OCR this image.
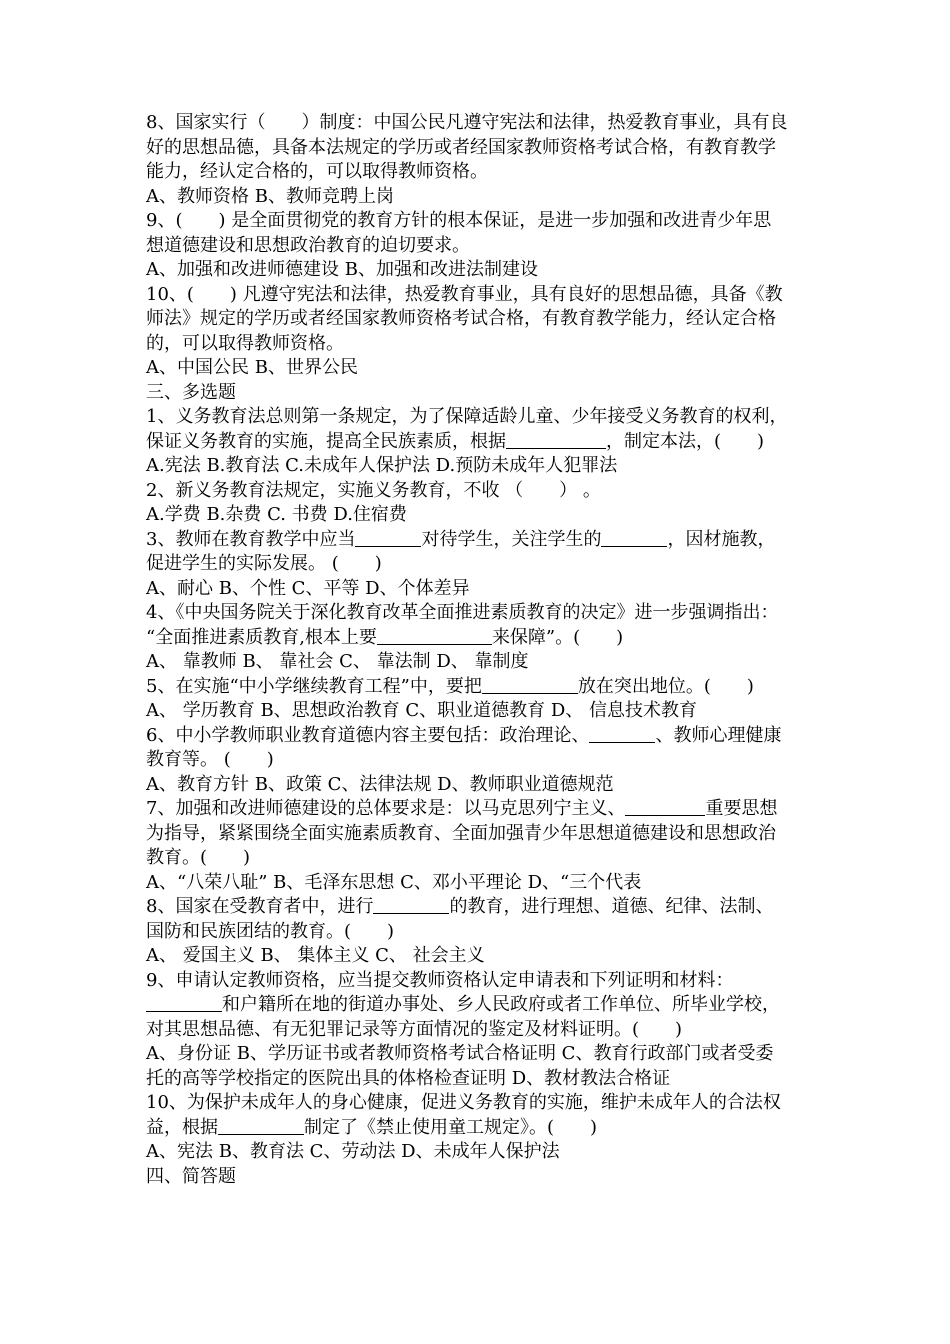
8、国家实行（　　）制度：中国公民凡遵守宪法和法律，热爱教育事业，具有良
好的思想品德，具备本法规定的学历或者经国家教师资格考试合格，有教育教学
能力，经认定合格的，可以取得教师资格。
A、教师资格 B、教师竞聘上岗
9、(　　) 是全面贯彻党的教育方针的根本保证，是进一步加强和改进青少年思
想道德建设和思想政治教育的迫切要求。
A、加强和改进师德建设 B、加强和改进法制建设
10、(　　) 凡遵守宪法和法律，热爱教育事业，具有良好的思想品德，具备《教
师法》规定的学历或者经国家教师资格考试合格，有教育教学能力，经认定合格
的，可以取得教师资格。
A、中国公民 B、世界公民
三、多选题
1、义务教育法总则第一条规定，为了保障适龄儿童、少年接受义务教育的权利，
保证义务教育的实施，提高全民族素质，根据	，制定本法，(　　)
A.宪法 B.教育法 C.未成年人保护法 D.预防未成年人犯罪法
2、新义务教育法规定，实施义务教育，不收 （　　） 。
A.学费 B.杂费 C. 书费 D.住宿费
3、教师在教育教学中应当	对待学生，关注学生的	，因材施教，
促进学生的实际发展。 (　　)
A、耐心 B、个性 C、平等 D、个体差异
4、《中央国务院关于深化教育改革全面推进素质教育的决定》进一步强调指出：
“全面推进素质教育,根本上要	来保障”。(　　)
A、 靠教师 B、 靠社会 C、 靠法制 D、 靠制度
5、在实施“中小学继续教育工程”中，要把	放在突出地位。(　　)
A、 学历教育 B、思想政治教育 C、职业道德教育 D、 信息技术教育
6、中小学教师职业教育道德内容主要包括：政治理论、	、教师心理健康
教育等。 (　　)
A、教育方针 B、政策 C、法律法规 D、教师职业道德规范
7、加强和改进师德建设的总体要求是：以马克思列宁主义、	重要思想
为指导，紧紧围绕全面实施素质教育、全面加强青少年思想道德建设和思想政治
教育。(　　)
A、“八荣八耻” B、毛泽东思想 C、邓小平理论 D、“三个代表
8、国家在受教育者中，进行	的教育，进行理想、道德、纪律、法制、
国防和民族团结的教育。(　　)
A、 爱国主义 B、 集体主义 C、 社会主义
9、申请认定教师资格，应当提交教师资格认定申请表和下列证明和材料：
和户籍所在地的街道办事处、乡人民政府或者工作单位、所毕业学校，
对其思想品德、有无犯罪记录等方面情况的鉴定及材料证明。(　　)
A、身份证 B、学历证书或者教师资格考试合格证明 C、教育行政部门或者受委
托的高等学校指定的医院出具的体格检查证明 D、教材教法合格证
10、为保护未成年人的身心健康，促进义务教育的实施，维护未成年人的合法权
益，根据	制定了《禁止使用童工规定》。(　　)
A、宪法 B、教育法 C、劳动法 D、未成年人保护法
四、简答题
